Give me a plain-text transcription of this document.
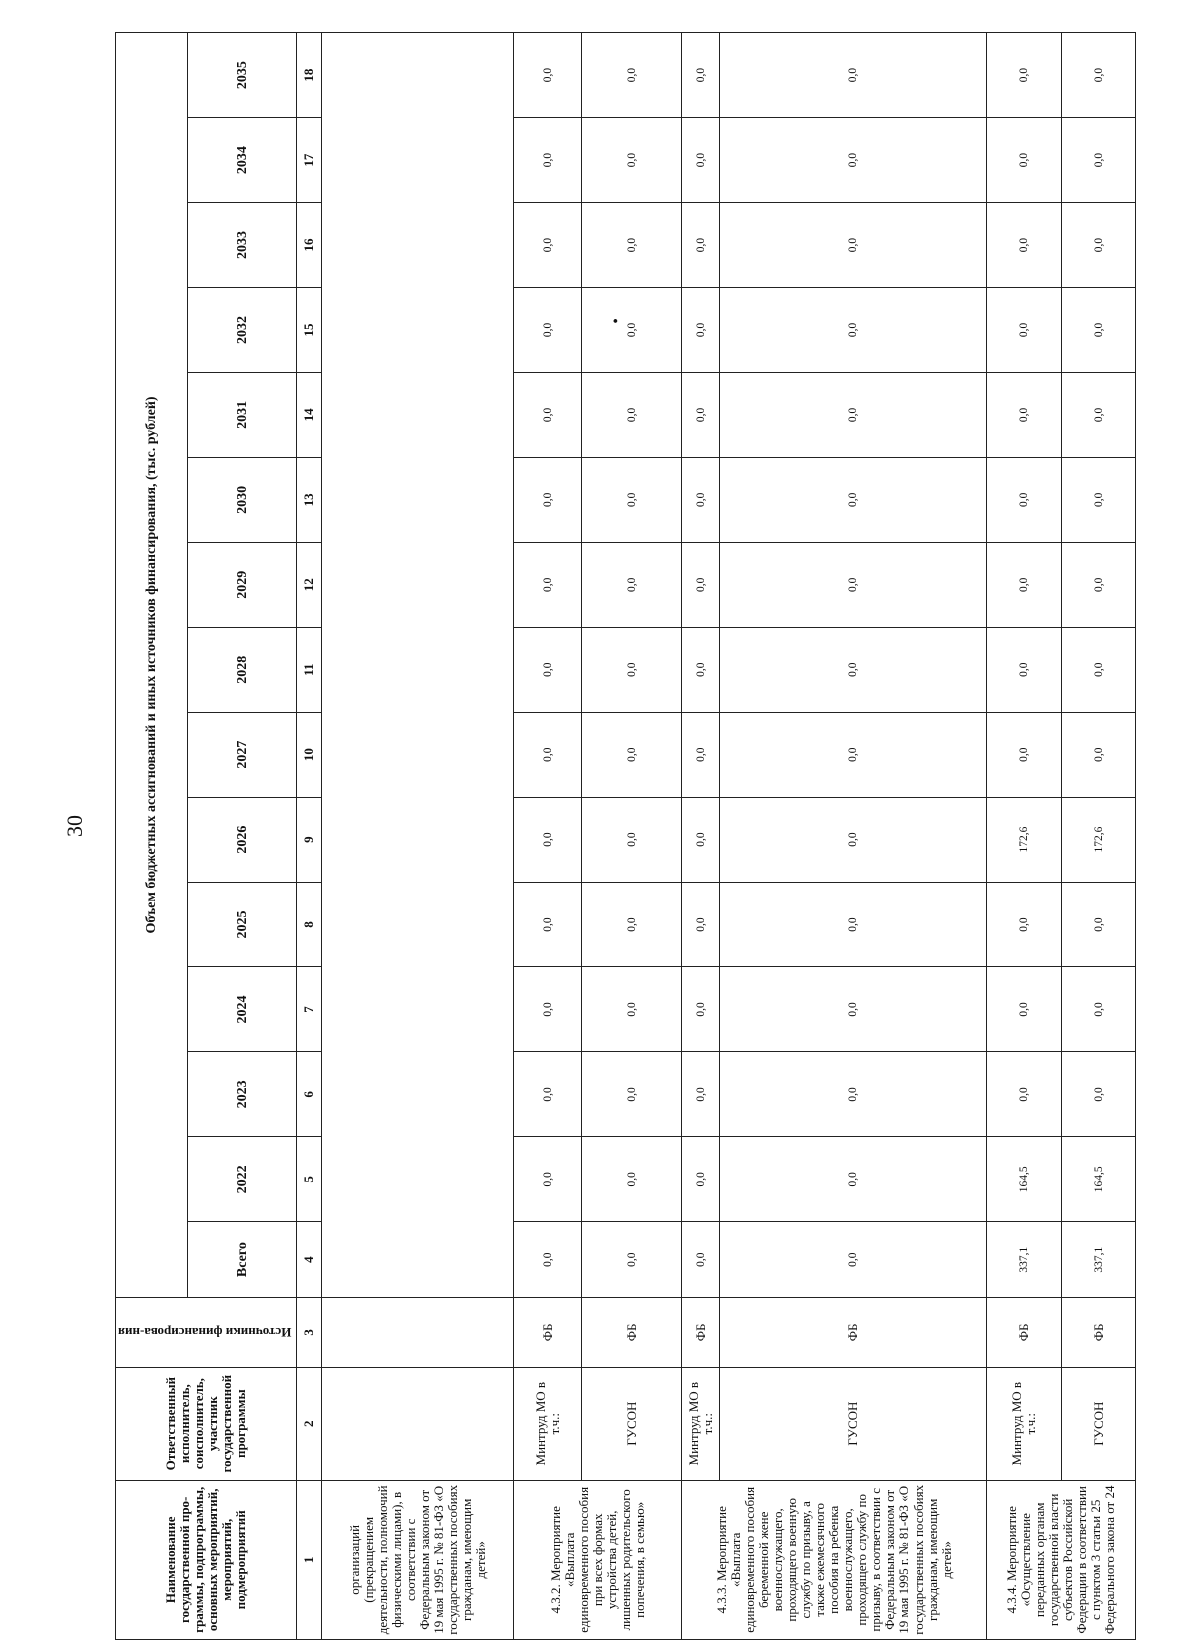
30
•
Наименование государственной про-граммы, подпрограммы, основных мероприятий, мероприятий, подмероприятий	Ответственный исполнитель, соисполнитель, участник государственной программы	Источники финансирова-ния	Объем бюджетных ассигнований и иных источников финансирования, (тыс. рублей)														
			Всего	2022	2023	2024	2025	2026	2027	2028	2029	2030	2031	2032	2033	2034	2035
1	2	3	4	5	6	7	8	9	10	11	12	13	14	15	16	17	18
организаций (прекращением деятельности, полномочий физическими лицами), в соответствии с Федеральным законом от 19 мая 1995 г. № 81-ФЗ «О государственных пособиях гражданам, имеющим детей»																	
4.3.2. Мероприятие «Выплата единовременного пособия при всех формах устройства детей, лишенных родительского попечения, в семью»	Минтруд МО в т.ч.:	ФБ	0,0	0,0	0,0	0,0	0,0	0,0	0,0	0,0	0,0	0,0	0,0	0,0	0,0	0,0	0,0
	ГУСОН	ФБ	0,0	0,0	0,0	0,0	0,0	0,0	0,0	0,0	0,0	0,0	0,0	0,0	0,0	0,0	0,0
4.3.3. Мероприятие «Выплата единовременного пособия беременной жене военнослужащего, проходящего военную службу по призыву, а также ежемесячного пособия на ребенка военнослужащего, проходящего службу по призыву, в соответствии с Федеральным законом от 19 мая 1995 г. № 81-ФЗ «О государственных пособиях гражданам, имеющим детей»	Минтруд МО в т.ч.:	ФБ	0,0	0,0	0,0	0,0	0,0	0,0	0,0	0,0	0,0	0,0	0,0	0,0	0,0	0,0	0,0
	ГУСОН	ФБ	0,0	0,0	0,0	0,0	0,0	0,0	0,0	0,0	0,0	0,0	0,0	0,0	0,0	0,0	0,0
4.3.4. Мероприятие «Осуществление переданных органам государственной власти субъектов Российской Федерации в соответствии с пунктом 3 статьи 25 Федерального закона от 24	Минтруд МО в т.ч.:	ФБ	337,1	164,5	0,0	0,0	0,0	172,6	0,0	0,0	0,0	0,0	0,0	0,0	0,0	0,0	0,0
	ГУСОН	ФБ	337,1	164,5	0,0	0,0	0,0	172,6	0,0	0,0	0,0	0,0	0,0	0,0	0,0	0,0	0,0
